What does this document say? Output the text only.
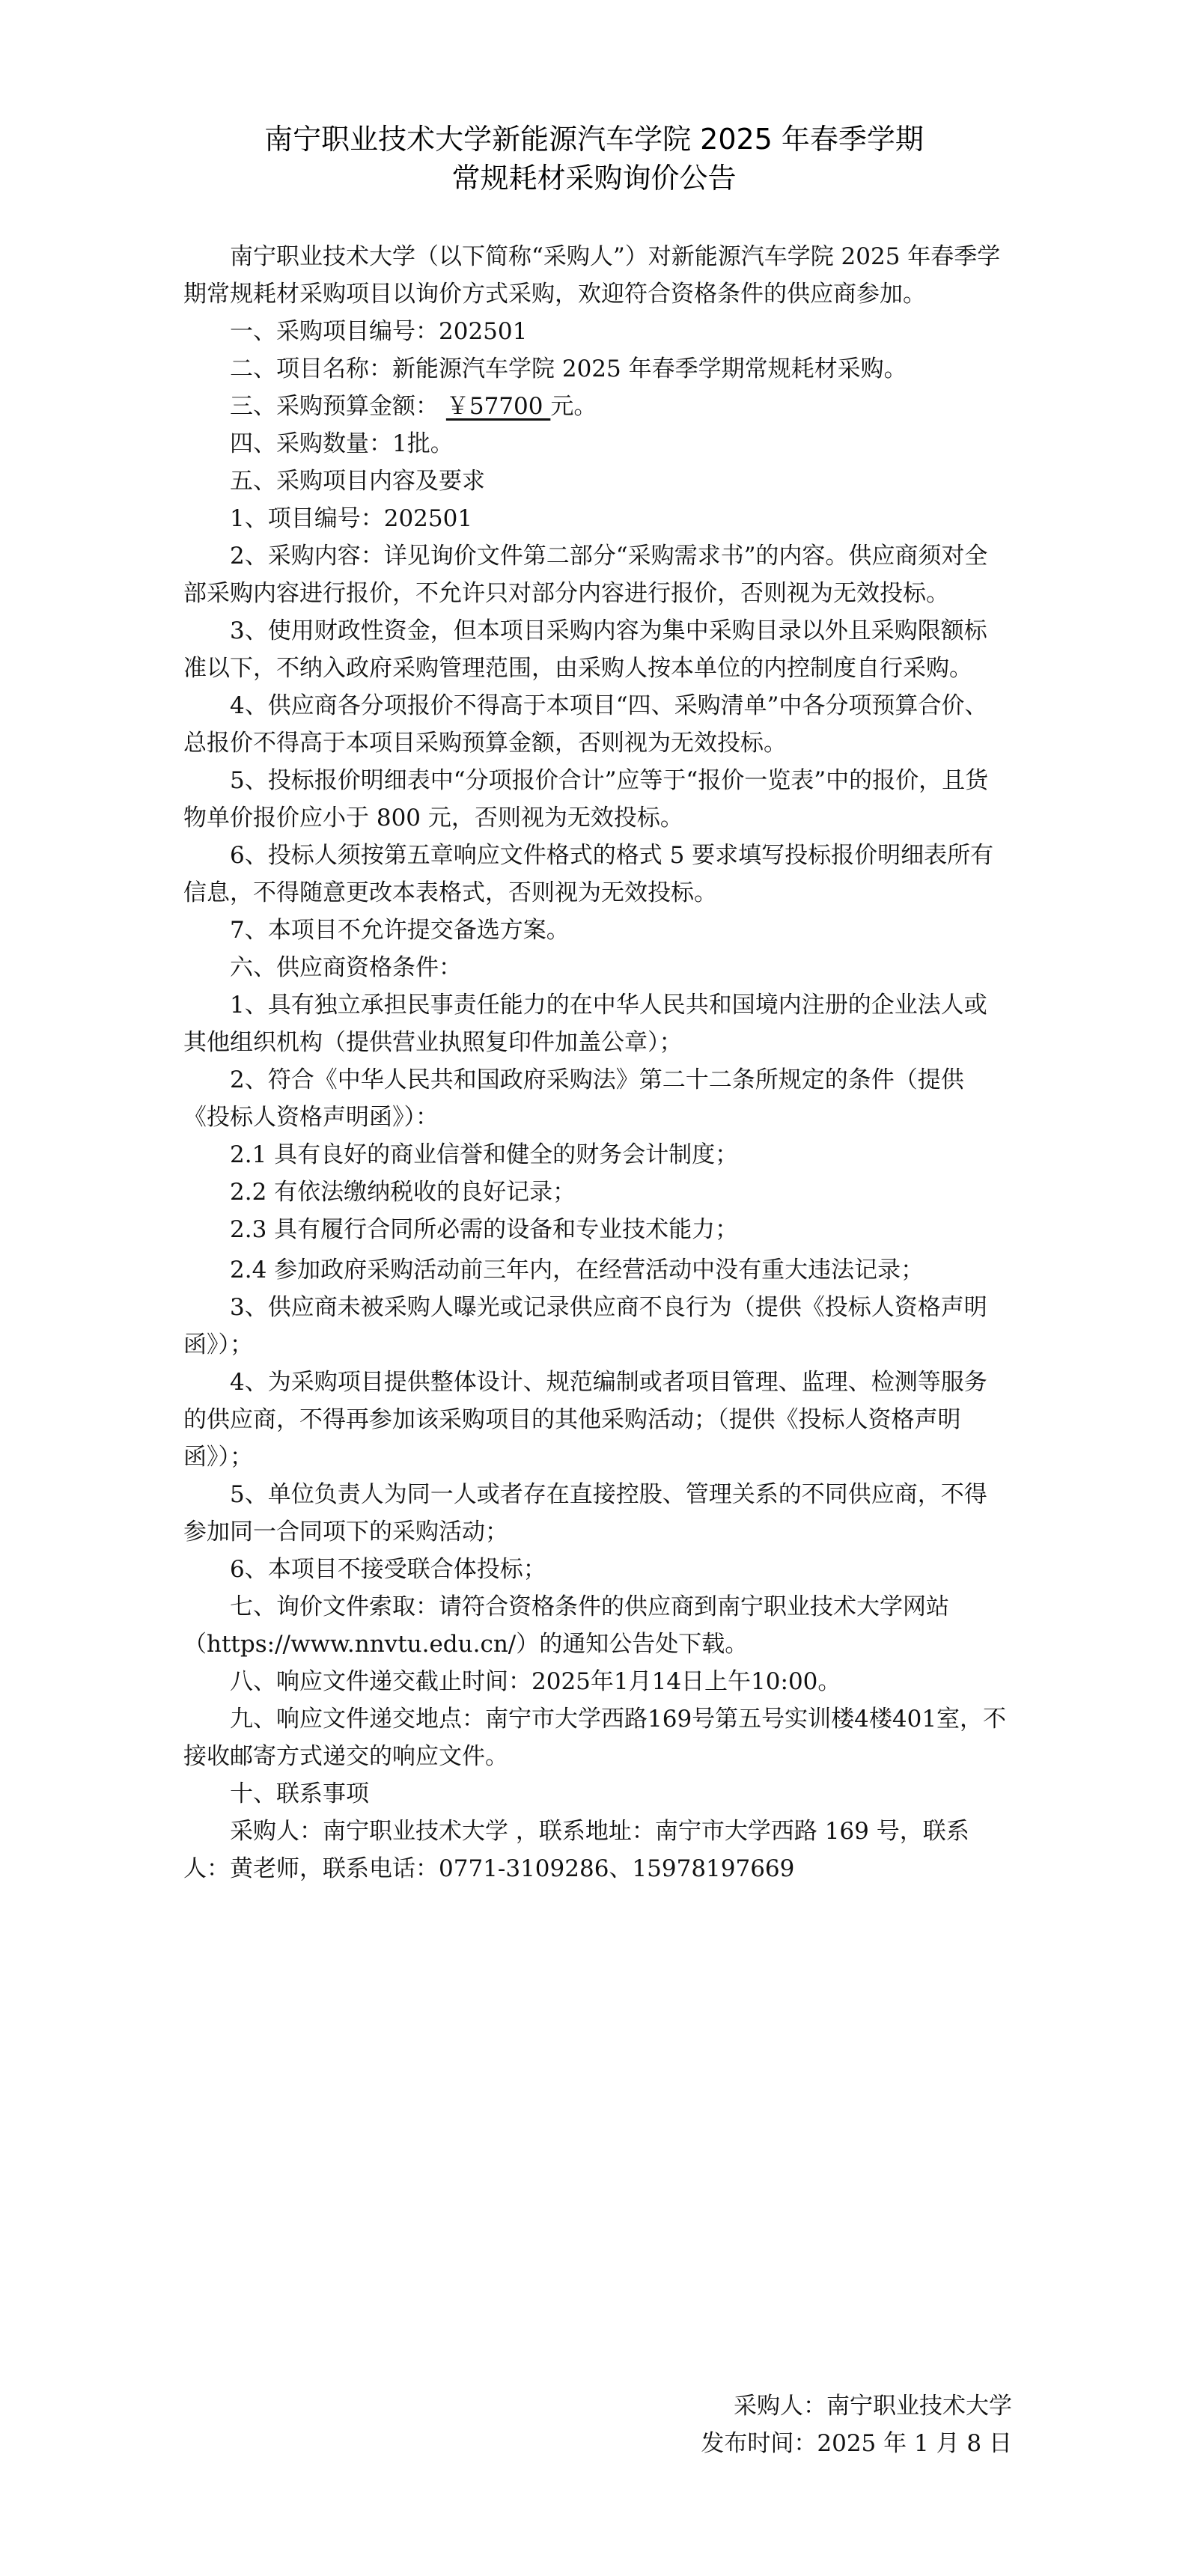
南宁职业技术大学新能源汽车学院 2025 年春季学期
常规耗材采购询价公告

南宁职业技术大学（以下简称“采购人”）对新能源汽车学院 2025 年春季学期常规耗材采购项目以询价方式采购，欢迎符合资格条件的供应商参加。

一、采购项目编号：202501

二、项目名称：新能源汽车学院 2025 年春季学期常规耗材采购。

三、采购预算金额： ￥57700 元。

四、采购数量：1批。

五、采购项目内容及要求

1、项目编号：202501

2、采购内容：详见询价文件第二部分“采购需求书”的内容。供应商须对全部采购内容进行报价，不允许只对部分内容进行报价，否则视为无效投标。

3、使用财政性资金，但本项目采购内容为集中采购目录以外且采购限额标准以下，不纳入政府采购管理范围，由采购人按本单位的内控制度自行采购。

4、供应商各分项报价不得高于本项目“四、采购清单”中各分项预算合价、总报价不得高于本项目采购预算金额，否则视为无效投标。

5、投标报价明细表中“分项报价合计”应等于“报价一览表”中的报价，且货物单价报价应小于 800 元，否则视为无效投标。

6、投标人须按第五章响应文件格式的格式 5 要求填写投标报价明细表所有信息，不得随意更改本表格式，否则视为无效投标。

7、本项目不允许提交备选方案。

六、供应商资格条件：

1、具有独立承担民事责任能力的在中华人民共和国境内注册的企业法人或其他组织机构（提供营业执照复印件加盖公章）；

2、符合《中华人民共和国政府采购法》第二十二条所规定的条件（提供《投标人资格声明函》）：

2.1 具有良好的商业信誉和健全的财务会计制度；

2.2 有依法缴纳税收的良好记录；

2.3 具有履行合同所必需的设备和专业技术能力；

2.4 参加政府采购活动前三年内，在经营活动中没有重大违法记录；

3、供应商未被采购人曝光或记录供应商不良行为（提供《投标人资格声明函》）；

4、为采购项目提供整体设计、规范编制或者项目管理、监理、检测等服务的供应商，不得再参加该采购项目的其他采购活动；（提供《投标人资格声明函》）；

5、单位负责人为同一人或者存在直接控股、管理关系的不同供应商，不得参加同一合同项下的采购活动；

6、本项目不接受联合体投标；

七、询价文件索取：请符合资格条件的供应商到南宁职业技术大学网站（https://www.nnvtu.edu.cn/）的通知公告处下载。

八、响应文件递交截止时间：2025年1月14日上午10:00。

九、响应文件递交地点：南宁市大学西路169号第五号实训楼4楼401室，不接收邮寄方式递交的响应文件。

十、联系事项

采购人：南宁职业技术大学 ，联系地址：南宁市大学西路 169 号，联系人：黄老师，联系电话：0771-3109286、15978197669

采购人：南宁职业技术大学
发布时间：2025 年 1 月 8 日
